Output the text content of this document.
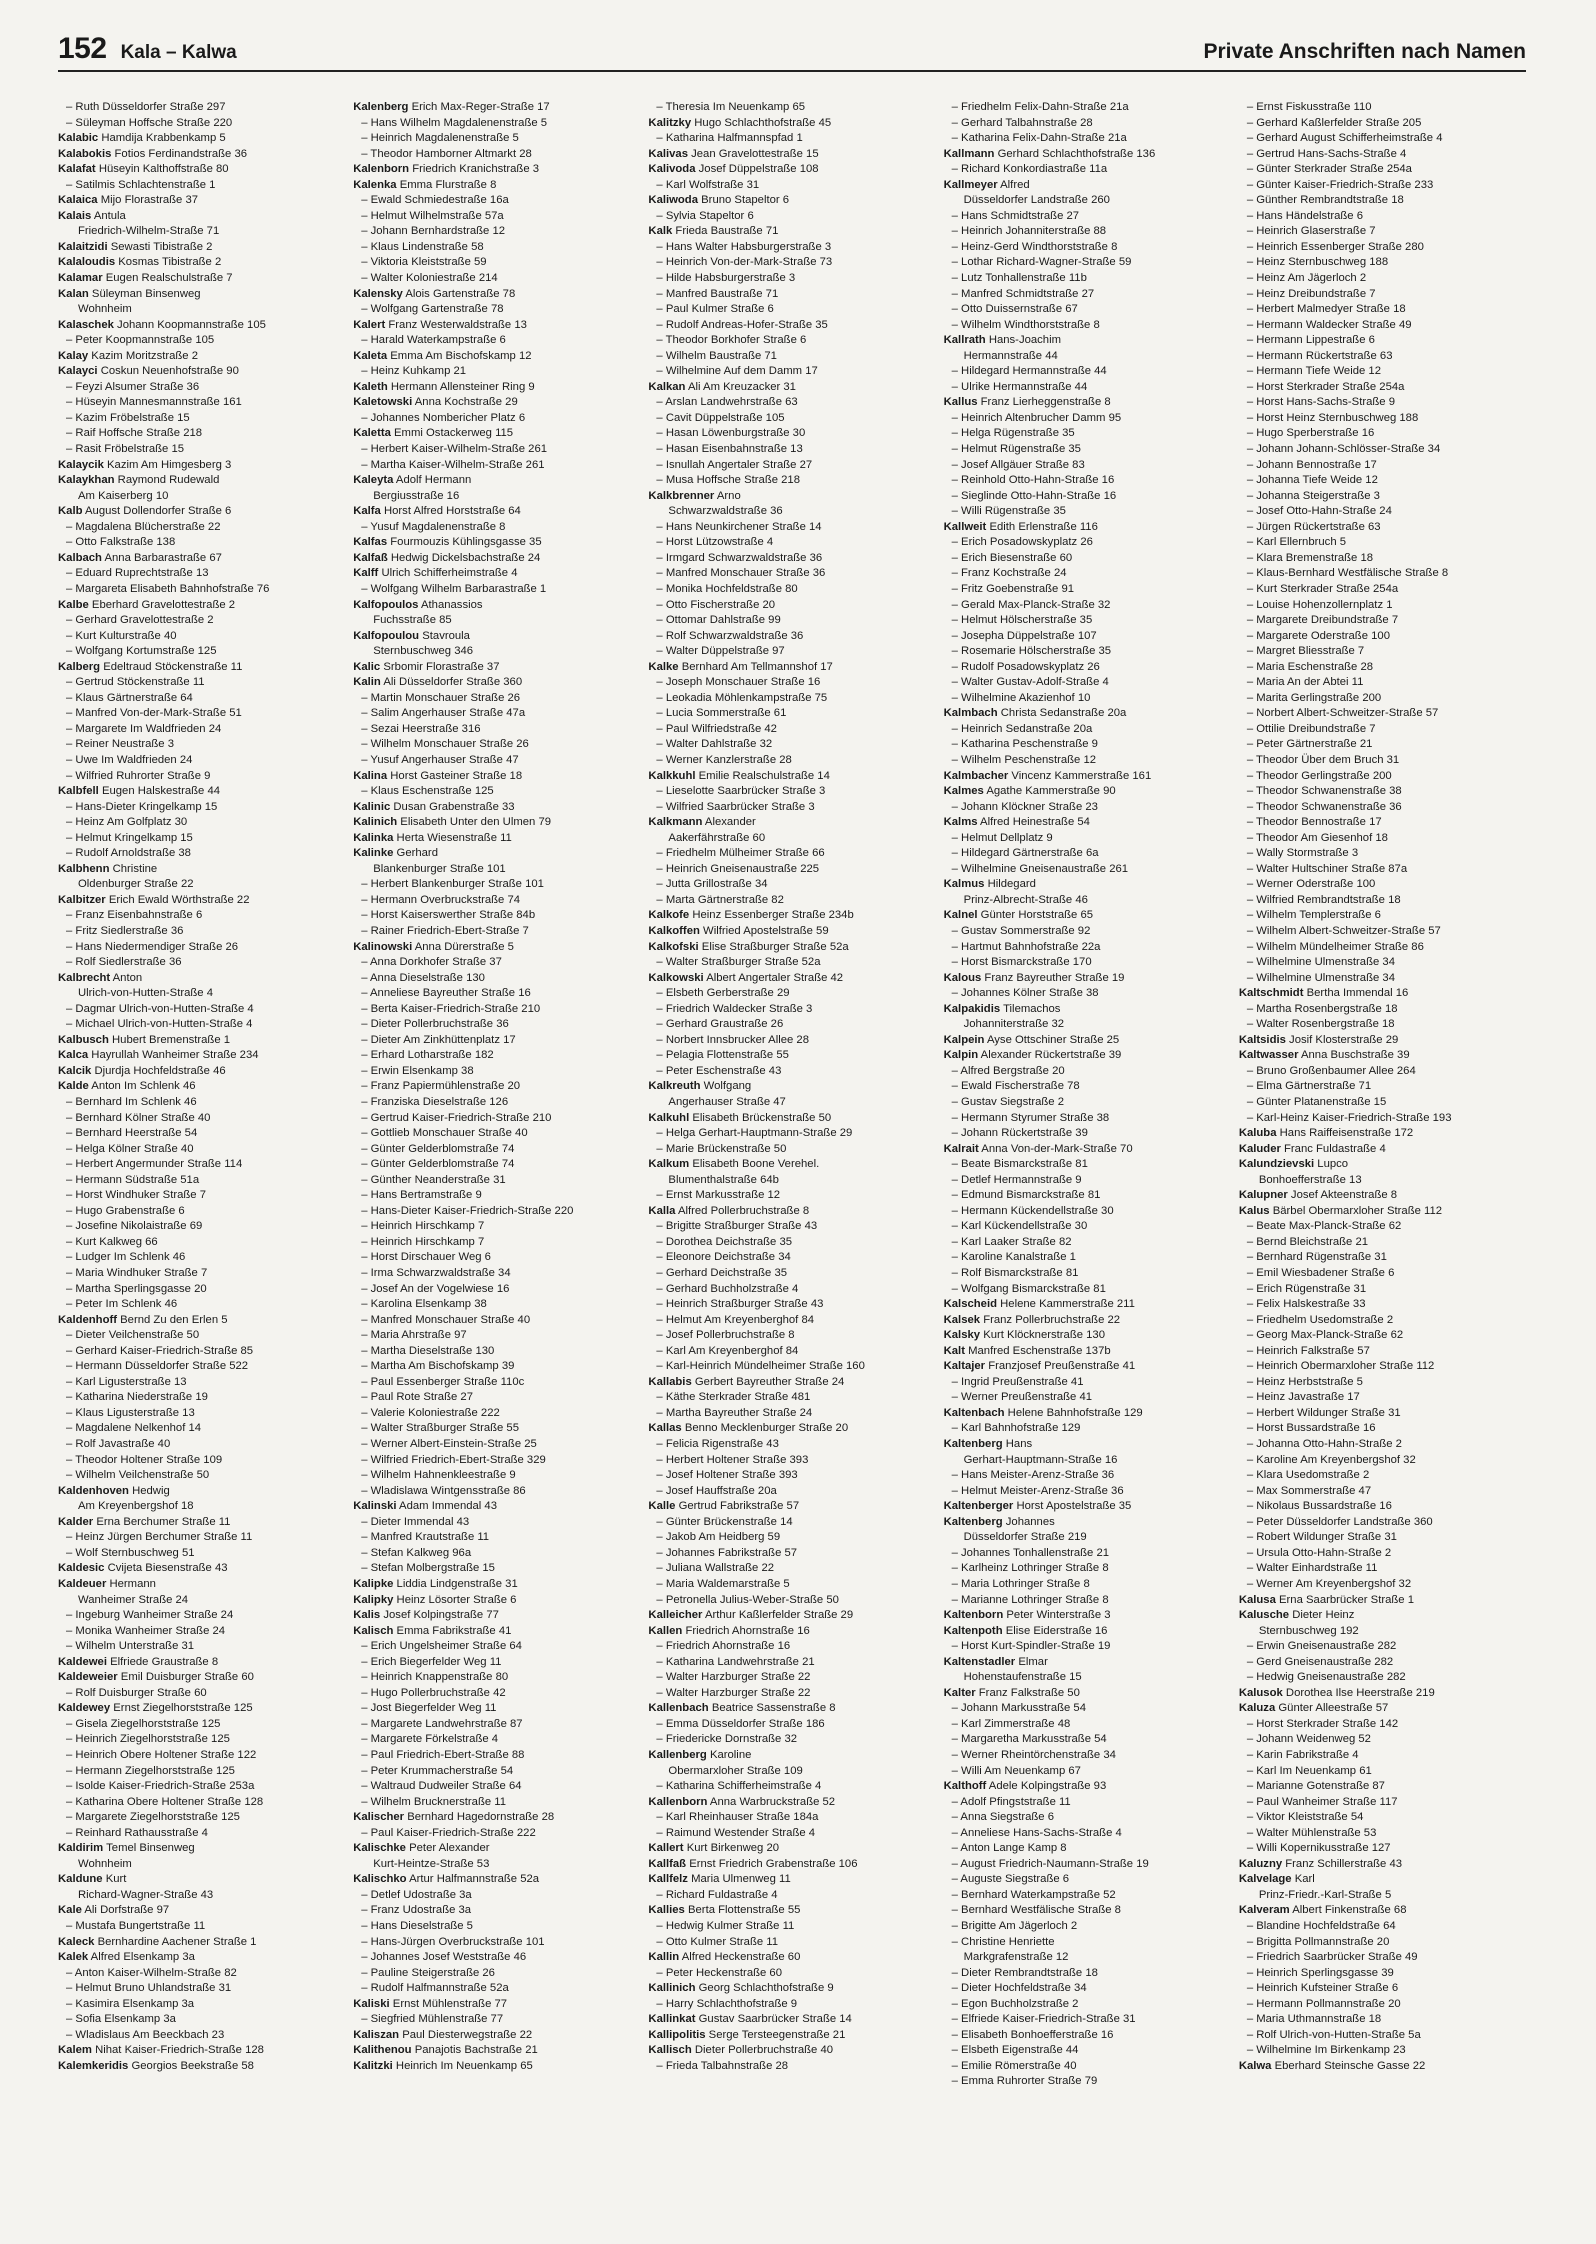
152 Kala – Kalwa	Private Anschriften nach Namen
– Ruth Düsseldorfer Straße 297
– Süleyman Hoffsche Straße 220
Kalabic Hamdija Krabbenkamp 5
Kalabokis Fotios Ferdinandstraße 36
Kalafat Hüseyin Kalthoffstraße 80
– Satilmis Schlachtenstraße 1
Kalaica Mijo Florastraße 37
Kalais Antula
Friedrich-Wilhelm-Straße 71
Kalaitzidi Sewasti Tibistraße 2
Kalaloudis Kosmas Tibistraße 2
Kalamar Eugen Realschulstraße 7
Kalan Süleyman Binsenweg
Wohnheim
Kalaschek Johann Koopmannstraße 105
– Peter Koopmannstraße 105
Kalay Kazim Moritzstraße 2
Kalayci Coskun Neuenhofstraße 90
– Feyzi Alsumer Straße 36
– Hüseyin Mannesmannstraße 161
– Kazim Fröbelstraße 15
– Raif Hoffsche Straße 218
– Rasit Fröbelstraße 15
Kalaycik Kazim Am Himgesberg 3
Kalaykhan Raymond Rudewald
Am Kaiserberg 10
Kalb August Dollendorfer Straße 6
– Magdalena Blücherstraße 22
– Otto Falkstraße 138
Kalbach Anna Barbarastraße 67
– Eduard Ruprechtstraße 13
– Margareta Elisabeth Bahnhofstraße 76
Kalbe Eberhard Gravelottestraße 2
– Gerhard Gravelottestraße 2
– Kurt Kulturstraße 40
– Wolfgang Kortumstraße 125
Kalberg Edeltraud Stöckenstraße 11
– Gertrud Stöckenstraße 11
– Klaus Gärtnerstraße 64
– Manfred Von-der-Mark-Straße 51
– Margarete Im Waldfrieden 24
– Reiner Neustraße 3
– Uwe Im Waldfrieden 24
– Wilfried Ruhrorter Straße 9
Kalbfell Eugen Halskestraße 44
– Hans-Dieter Kringelkamp 15
– Heinz Am Golfplatz 30
– Helmut Kringelkamp 15
– Rudolf Arnoldstraße 38
Kalbhenn Christine
Oldenburger Straße 22
Kalbitzer Erich Ewald Wörthstraße 22
– Franz Eisenbahnstraße 6
– Fritz Siedlerstraße 36
– Hans Niedermendiger Straße 26
– Rolf Siedlerstraße 36
Kalbrecht Anton
Ulrich-von-Hutten-Straße 4
– Dagmar Ulrich-von-Hutten-Straße 4
– Michael Ulrich-von-Hutten-Straße 4
Kalbusch Hubert Bremenstraße 1
Kalca Hayrullah Wanheimer Straße 234
Kalcik Djurdja Hochfeldstraße 46
Kalde Anton Im Schlenk 46
– Bernhard Im Schlenk 46
– Bernhard Kölner Straße 40
– Bernhard Heerstraße 54
– Helga Kölner Straße 40
– Herbert Angermunder Straße 114
– Hermann Südstraße 51a
– Horst Windhuker Straße 7
– Hugo Grabenstraße 6
– Josefine Nikolaistraße 69
– Kurt Kalkweg 66
– Ludger Im Schlenk 46
– Maria Windhuker Straße 7
– Martha Sperlingsgasse 20
– Peter Im Schlenk 46
Kaldenhoff Bernd Zu den Erlen 5
– Dieter Veilchenstraße 50
– Gerhard Kaiser-Friedrich-Straße 85
– Hermann Düsseldorfer Straße 522
– Karl Ligusterstraße 13
– Katharina Niederstraße 19
– Klaus Ligusterstraße 13
– Magdalene Nelkenhof 14
– Rolf Javastraße 40
– Theodor Holtener Straße 109
– Wilhelm Veilchenstraße 50
Kaldenhoven Hedwig
Am Kreyenbergshof 18
Kalder Erna Berchumer Straße 11
– Heinz Jürgen Berchumer Straße 11
– Wolf Sternbuschweg 51
Kaldesic Cvijeta Biesenstraße 43
Kaldeuer Hermann
Wanheimer Straße 24
– Ingeburg Wanheimer Straße 24
– Monika Wanheimer Straße 24
– Wilhelm Unterstraße 31
Kaldewei Elfriede Graustraße 8
Kaldeweier Emil Duisburger Straße 60
– Rolf Duisburger Straße 60
Kaldewey Ernst Ziegelhorststraße 125
– Gisela Ziegelhorststraße 125
– Heinrich Ziegelhorststraße 125
– Heinrich Obere Holtener Straße 122
– Hermann Ziegelhorststraße 125
– Isolde Kaiser-Friedrich-Straße 253a
– Katharina Obere Holtener Straße 128
– Margarete Ziegelhorststraße 125
– Reinhard Rathausstraße 4
Kaldirim Temel Binsenweg
Wohnheim
Kaldune Kurt
Richard-Wagner-Straße 43
Kale Ali Dorfstraße 97
– Mustafa Bungertstraße 11
Kaleck Bernhardine Aachener Straße 1
Kalek Alfred Elsenkamp 3a
– Anton Kaiser-Wilhelm-Straße 82
– Helmut Bruno Uhlandstraße 31
– Kasimira Elsenkamp 3a
– Sofia Elsenkamp 3a
– Wladislaus Am Beeckbach 23
Kalem Nihat Kaiser-Friedrich-Straße 128
Kalemkeridis Georgios Beekstraße 58
Kalenberg Erich Max-Reger-Straße 17
– Hans Wilhelm Magdalenenstraße 5
– Heinrich Magdalenenstraße 5
– Theodor Hamborner Altmarkt 28
Kalenborn Friedrich Kranichstraße 3
Kalenka Emma Flurstraße 8
– Ewald Schmiedestraße 16a
– Helmut Wilhelmstraße 57a
– Johann Bernhardstraße 12
– Klaus Lindenstraße 58
– Viktoria Kleiststraße 59
– Walter Koloniestraße 214
Kalensky Alois Gartenstraße 78
– Wolfgang Gartenstraße 78
Kalert Franz Westerwaldstraße 13
– Harald Waterkampstraße 6
Kaleta Emma Am Bischofskamp 12
– Heinz Kuhkamp 21
Kaleth Hermann Allensteiner Ring 9
Kaletowski Anna Kochstraße 29
– Johannes Nombericher Platz 6
Kaletta Emmi Ostackerweg 115
– Herbert Kaiser-Wilhelm-Straße 261
– Martha Kaiser-Wilhelm-Straße 261
Kaleyta Adolf Hermann
Bergiusstraße 16
Kalfa Horst Alfred Horststraße 64
– Yusuf Magdalenenstraße 8
Kalfas Fourmouzis Kühlingsgasse 35
Kalfaß Hedwig Dickelsbachstraße 24
Kalff Ulrich Schifferheimstraße 4
– Wolfgang Wilhelm Barbarastraße 1
Kalfopoulos Athanassios
Fuchsstraße 85
Kalfopoulou Stavroula
Sternbuschweg 346
Kalic Srbomir Florastraße 37
Kalin Ali Düsseldorfer Straße 360
– Martin Monschauer Straße 26
– Salim Angerhauser Straße 47a
– Sezai Heerstraße 316
– Wilhelm Monschauer Straße 26
– Yusuf Angerhauser Straße 47
Kalina Horst Gasteiner Straße 18
– Klaus Eschenstraße 125
Kalinic Dusan Grabenstraße 33
Kalinich Elisabeth Unter den Ulmen 79
Kalinka Herta Wiesenstraße 11
Kalinke Gerhard
Blankenburger Straße 101
– Herbert Blankenburger Straße 101
– Hermann Overbruckstraße 74
– Horst Kaiserswerther Straße 84b
– Rainer Friedrich-Ebert-Straße 7
Kalinowski Anna Dürerstraße 5
– Anna Dorkhofer Straße 37
– Anna Dieselstraße 130
– Anneliese Bayreuther Straße 16
– Berta Kaiser-Friedrich-Straße 210
– Dieter Pollerbruchstraße 36
– Dieter Am Zinkhüttenplatz 17
– Erhard Lotharstraße 182
– Erwin Elsenkamp 38
– Franz Papiermühlenstraße 20
– Franziska Dieselstraße 126
– Gertrud Kaiser-Friedrich-Straße 210
– Gottlieb Monschauer Straße 40
– Günter Gelderblomstraße 74
– Günter Gelderblomstraße 74
– Günther Neanderstraße 31
– Hans Bertramstraße 9
– Hans-Dieter Kaiser-Friedrich-Straße 220
– Heinrich Hirschkamp 7
– Heinrich Hirschkamp 7
– Horst Dirschauer Weg 6
– Irma Schwarzwaldstraße 34
– Josef An der Vogelwiese 16
– Karolina Elsenkamp 38
– Manfred Monschauer Straße 40
– Maria Ahrstraße 97
– Martha Dieselstraße 130
– Martha Am Bischofskamp 39
– Paul Essenberger Straße 110c
– Paul Rote Straße 27
– Valerie Koloniestraße 222
– Walter Straßburger Straße 55
– Werner Albert-Einstein-Straße 25
– Wilfried Friedrich-Ebert-Straße 329
– Wilhelm Hahnenkleestraße 9
– Wladislawa Wintgensstraße 86
Kalinski Adam Immendal 43
– Dieter Immendal 43
– Manfred Krautstraße 11
– Stefan Kalkweg 96a
– Stefan Molbergstraße 15
Kalipke Liddia Lindgenstraße 31
Kalipky Heinz Lösorter Straße 6
Kalis Josef Kolpingstraße 77
Kalisch Emma Fabrikstraße 41
– Erich Ungelsheimer Straße 64
– Erich Biegerfelder Weg 11
– Heinrich Knappenstraße 80
– Hugo Pollerbruchstraße 42
– Jost Biegerfelder Weg 11
– Margarete Landwehrstraße 87
– Margarete Förkelstraße 4
– Paul Friedrich-Ebert-Straße 88
– Peter Krummacherstraße 54
– Waltraud Dudweiler Straße 64
– Wilhelm Brucknerstraße 11
Kalischer Bernhard Hagedornstraße 28
– Paul Kaiser-Friedrich-Straße 222
Kalischke Peter Alexander
Kurt-Heintze-Straße 53
Kalischko Artur Halfmannstraße 52a
– Detlef Udostraße 3a
– Franz Udostraße 3a
– Hans Dieselstraße 5
– Hans-Jürgen Overbruckstraße 101
– Johannes Josef Weststraße 46
– Pauline Steigerstraße 26
– Rudolf Halfmannstraße 52a
Kaliski Ernst Mühlenstraße 77
– Siegfried Mühlenstraße 77
Kaliszan Paul Diesterwegstraße 22
Kalithenou Panajotis Bachstraße 21
Kalitzki Heinrich Im Neuenkamp 65
– Theresia Im Neuenkamp 65
Kalitzky Hugo Schlachthofstraße 45
– Katharina Halfmannspfad 1
Kalivas Jean Gravelottestraße 15
Kalivoda Josef Düppelstraße 108
– Karl Wolfstraße 31
Kaliwoda Bruno Stapeltor 6
– Sylvia Stapeltor 6
Kalk Frieda Baustraße 71
– Hans Walter Habsburgerstraße 3
– Heinrich Von-der-Mark-Straße 73
– Hilde Habsburgerstraße 3
– Manfred Baustraße 71
– Paul Kulmer Straße 6
– Rudolf Andreas-Hofer-Straße 35
– Theodor Borkhofer Straße 6
– Wilhelm Baustraße 71
– Wilhelmine Auf dem Damm 17
Kalkan Ali Am Kreuzacker 31
– Arslan Landwehrstraße 63
– Cavit Düppelstraße 105
– Hasan Löwenburgstraße 30
– Hasan Eisenbahnstraße 13
– Isnullah Angertaler Straße 27
– Musa Hoffsche Straße 218
Kalkbrenner Arno
Schwarzwaldstraße 36
– Hans Neunkirchener Straße 14
– Horst Lützowstraße 4
– Irmgard Schwarzwaldstraße 36
– Manfred Monschauer Straße 36
– Monika Hochfeldstraße 80
– Otto Fischerstraße 20
– Ottomar Dahlstraße 99
– Rolf Schwarzwaldstraße 36
– Walter Düppelstraße 97
Kalke Bernhard Am Tellmannshof 17
– Joseph Monschauer Straße 16
– Leokadia Möhlenkampstraße 75
– Lucia Sommerstraße 61
– Paul Wilfriedstraße 42
– Walter Dahlstraße 32
– Werner Kanzlerstraße 28
Kalkkuhl Emilie Realschulstraße 14
– Lieselotte Saarbrücker Straße 3
– Wilfried Saarbrücker Straße 3
Kalkmann Alexander
Aakerfährstraße 60
– Friedhelm Mülheimer Straße 66
– Heinrich Gneisenaustraße 225
– Jutta Grillostraße 34
– Marta Gärtnerstraße 82
Kalkofe Heinz Essenberger Straße 234b
Kalkoffen Wilfried Apostelstraße 59
Kalkofski Elise Straßburger Straße 52a
– Walter Straßburger Straße 52a
Kalkowski Albert Angertaler Straße 42
– Elsbeth Gerberstraße 29
– Friedrich Waldecker Straße 3
– Gerhard Graustraße 26
– Norbert Innsbrucker Allee 28
– Pelagia Flottenstraße 55
– Peter Eschenstraße 43
Kalkreuth Wolfgang
Angerhauser Straße 47
Kalkuhl Elisabeth Brückenstraße 50
– Helga Gerhart-Hauptmann-Straße 29
– Marie Brückenstraße 50
Kalkum Elisabeth Boone Verehel.
Blumenthalstraße 64b
– Ernst Markusstraße 12
Kalla Alfred Pollerbruchstraße 8
– Brigitte Straßburger Straße 43
– Dorothea Deichstraße 35
– Eleonore Deichstraße 34
– Gerhard Deichstraße 35
– Gerhard Buchholzstraße 4
– Heinrich Straßburger Straße 43
– Helmut Am Kreyenberghof 84
– Josef Pollerbruchstraße 8
– Karl Am Kreyenberghof 84
– Karl-Heinrich Mündelheimer Straße 160
Kallabis Gerbert Bayreuther Straße 24
– Käthe Sterkrader Straße 481
– Martha Bayreuther Straße 24
Kallas Benno Mecklenburger Straße 20
– Felicia Rigenstraße 43
– Herbert Holtener Straße 393
– Josef Holtener Straße 393
– Josef Hauffstraße 20a
Kalle Gertrud Fabrikstraße 57
– Günter Brückenstraße 14
– Jakob Am Heidberg 59
– Johannes Fabrikstraße 57
– Juliana Wallstraße 22
– Maria Waldemarstraße 5
– Petronella Julius-Weber-Straße 50
Kalleicher Arthur Kaßlerfelder Straße 29
Kallen Friedrich Ahornstraße 16
– Friedrich Ahornstraße 16
– Katharina Landwehrstraße 21
– Walter Harzburger Straße 22
– Walter Harzburger Straße 22
Kallenbach Beatrice Sassenstraße 8
– Emma Düsseldorfer Straße 186
– Friedericke Dornstraße 32
Kallenberg Karoline
Obermarxloher Straße 109
– Katharina Schifferheimstraße 4
Kallenborn Anna Warbruckstraße 52
– Karl Rheinhauser Straße 184a
– Raimund Westender Straße 4
Kallert Kurt Birkenweg 20
Kallfaß Ernst Friedrich Grabenstraße 106
Kallfelz Maria Ulmenweg 11
– Richard Fuldastraße 4
Kallies Berta Flottenstraße 55
– Hedwig Kulmer Straße 11
– Otto Kulmer Straße 11
Kallin Alfred Heckenstraße 60
– Peter Heckenstraße 60
Kallinich Georg Schlachthofstraße 9
– Harry Schlachthofstraße 9
Kallinkat Gustav Saarbrücker Straße 14
Kallipolitis Serge Tersteegenstraße 21
Kallisch Dieter Pollerbruchstraße 40
– Frieda Talbahnstraße 28
– Friedhelm Felix-Dahn-Straße 21a
– Gerhard Talbahnstraße 28
– Katharina Felix-Dahn-Straße 21a
Kallmann Gerhard Schlachthofstraße 136
– Richard Konkordiastraße 11a
Kallmeyer Alfred
Düsseldorfer Landstraße 260
– Hans Schmidtstraße 27
– Heinrich Johanniterstraße 88
– Heinz-Gerd Windthorststraße 8
– Lothar Richard-Wagner-Straße 59
– Lutz Tonhallenstraße 11b
– Manfred Schmidtstraße 27
– Otto Duissernstraße 67
– Wilhelm Windthorststraße 8
Kallrath Hans-Joachim
Hermannstraße 44
– Hildegard Hermannstraße 44
– Ulrike Hermannstraße 44
Kallus Franz Lierheggenstraße 8
– Heinrich Altenbrucher Damm 95
– Helga Rügenstraße 35
– Helmut Rügenstraße 35
– Josef Allgäuer Straße 83
– Reinhold Otto-Hahn-Straße 16
– Sieglinde Otto-Hahn-Straße 16
– Willi Rügenstraße 35
Kallweit Edith Erlenstraße 116
– Erich Posadowskyplatz 26
– Erich Biesenstraße 60
– Franz Kochstraße 24
– Fritz Goebenstraße 91
– Gerald Max-Planck-Straße 32
– Helmut Hölscherstraße 35
– Josepha Düppelstraße 107
– Rosemarie Hölscherstraße 35
– Rudolf Posadowskyplatz 26
– Walter Gustav-Adolf-Straße 4
– Wilhelmine Akazienhof 10
Kalmbach Christa Sedanstraße 20a
– Heinrich Sedanstraße 20a
– Katharina Peschenstraße 9
– Wilhelm Peschenstraße 12
Kalmbacher Vincenz Kammerstraße 161
Kalmes Agathe Kammerstraße 90
– Johann Klöckner Straße 23
Kalms Alfred Heinestraße 54
– Helmut Dellplatz 9
– Hildegard Gärtnerstraße 6a
– Wilhelmine Gneisenaustraße 261
Kalmus Hildegard
Prinz-Albrecht-Straße 46
Kalnel Günter Horststraße 65
– Gustav Sommerstraße 92
– Hartmut Bahnhofstraße 22a
– Horst Bismarckstraße 170
Kalous Franz Bayreuther Straße 19
– Johannes Kölner Straße 38
Kalpakidis Tilemachos
Johanniterstraße 32
Kalpein Ayse Ottschiner Straße 25
Kalpin Alexander Rückertstraße 39
– Alfred Bergstraße 20
– Ewald Fischerstraße 78
– Gustav Siegstraße 2
– Hermann Styrumer Straße 38
– Johann Rückertstraße 39
Kalrait Anna Von-der-Mark-Straße 70
– Beate Bismarckstraße 81
– Detlef Hermannstraße 9
– Edmund Bismarckstraße 81
– Hermann Kückendellstraße 30
– Karl Kückendellstraße 30
– Karl Laaker Straße 82
– Karoline Kanalstraße 1
– Rolf Bismarckstraße 81
– Wolfgang Bismarckstraße 81
Kalscheid Helene Kammerstraße 211
Kalsek Franz Pollerbruchstraße 22
Kalsky Kurt Klöcknerstraße 130
Kalt Manfred Eschenstraße 137b
Kaltajer Franzjosef Preußenstraße 41
– Ingrid Preußenstraße 41
– Werner Preußenstraße 41
Kaltenbach Helene Bahnhofstraße 129
– Karl Bahnhofstraße 129
Kaltenberg Hans
Gerhart-Hauptmann-Straße 16
– Hans Meister-Arenz-Straße 36
– Helmut Meister-Arenz-Straße 36
Kaltenberger Horst Apostelstraße 35
Kaltenberg Johannes
Düsseldorfer Straße 219
– Johannes Tonhallenstraße 21
– Karlheinz Lothringer Straße 8
– Maria Lothringer Straße 8
– Marianne Lothringer Straße 8
Kaltenborn Peter Winterstraße 3
Kaltenpoth Elise Eiderstraße 16
– Horst Kurt-Spindler-Straße 19
Kaltenstadler Elmar
Hohenstaufenstraße 15
Kalter Franz Falkstraße 50
– Johann Markusstraße 54
– Karl Zimmerstraße 48
– Margaretha Markusstraße 54
– Werner Rheintörchenstraße 34
– Willi Am Neuenkamp 67
Kalthoff Adele Kolpingstraße 93
– Adolf Pfingststraße 11
– Anna Siegstraße 6
– Anneliese Hans-Sachs-Straße 4
– Anton Lange Kamp 8
– August Friedrich-Naumann-Straße 19
– Auguste Siegstraße 6
– Bernhard Waterkampstraße 52
– Bernhard Westfälische Straße 8
– Brigitte Am Jägerloch 2
– Christine Henriette
Markgrafenstraße 12
– Dieter Rembrandtstraße 18
– Dieter Hochfeldstraße 34
– Egon Buchholzstraße 2
– Elfriede Kaiser-Friedrich-Straße 31
– Elisabeth Bonhoefferstraße 16
– Elsbeth Eigenstraße 44
– Emilie Römerstraße 40
– Emma Ruhrorter Straße 79
– Ernst Fiskusstraße 110
– Gerhard Kaßlerfelder Straße 205
– Gerhard August Schifferheimstraße 4
– Gertrud Hans-Sachs-Straße 4
– Günter Sterkrader Straße 254a
– Günter Kaiser-Friedrich-Straße 233
– Günther Rembrandtstraße 18
– Hans Händelstraße 6
– Heinrich Glaserstraße 7
– Heinrich Essenberger Straße 280
– Heinz Sternbuschweg 188
– Heinz Am Jägerloch 2
– Heinz Dreibundstraße 7
– Herbert Malmedyer Straße 18
– Hermann Waldecker Straße 49
– Hermann Lippestraße 6
– Hermann Rückertstraße 63
– Hermann Tiefe Weide 12
– Horst Sterkrader Straße 254a
– Horst Hans-Sachs-Straße 9
– Horst Heinz Sternbuschweg 188
– Hugo Sperberstraße 16
– Johann Johann-Schlösser-Straße 34
– Johann Bennostraße 17
– Johanna Tiefe Weide 12
– Johanna Steigerstraße 3
– Josef Otto-Hahn-Straße 24
– Jürgen Rückertstraße 63
– Karl Ellernbruch 5
– Klara Bremenstraße 18
– Klaus-Bernhard Westfälische Straße 8
– Kurt Sterkrader Straße 254a
– Louise Hohenzollernplatz 1
– Margarete Dreibundstraße 7
– Margarete Oderstraße 100
– Margret Bliesstraße 7
– Maria Eschenstraße 28
– Maria An der Abtei 11
– Marita Gerlingstraße 200
– Norbert Albert-Schweitzer-Straße 57
– Ottilie Dreibundstraße 7
– Peter Gärtnerstraße 21
– Theodor Über dem Bruch 31
– Theodor Gerlingstraße 200
– Theodor Schwanenstraße 38
– Theodor Schwanenstraße 36
– Theodor Bennostraße 17
– Theodor Am Giesenhof 18
– Wally Stormstraße 3
– Walter Hultschiner Straße 87a
– Werner Oderstraße 100
– Wilfried Rembrandtstraße 18
– Wilhelm Templerstraße 6
– Wilhelm Albert-Schweitzer-Straße 57
– Wilhelm Mündelheimer Straße 86
– Wilhelmine Ulmenstraße 34
– Wilhelmine Ulmenstraße 34
Kaltschmidt Bertha Immendal 16
– Martha Rosenbergstraße 18
– Walter Rosenbergstraße 18
Kaltsidis Josif Klosterstraße 29
Kaltwasser Anna Buschstraße 39
– Bruno Großenbaumer Allee 264
– Elma Gärtnerstraße 71
– Günter Platanenstraße 15
– Karl-Heinz Kaiser-Friedrich-Straße 193
Kaluba Hans Raiffeisenstraße 172
Kaluder Franc Fuldastraße 4
Kalundzievski Lupco
Bonhoefferstraße 13
Kalupner Josef Akteenstraße 8
Kalus Bärbel Obermarxloher Straße 112
– Beate Max-Planck-Straße 62
– Bernd Bleichstraße 21
– Bernhard Rügenstraße 31
– Emil Wiesbadener Straße 6
– Erich Rügenstraße 31
– Felix Halskestraße 33
– Friedhelm Usedomstraße 2
– Georg Max-Planck-Straße 62
– Heinrich Falkstraße 57
– Heinrich Obermarxloher Straße 112
– Heinz Herbststraße 5
– Heinz Javastraße 17
– Herbert Wildunger Straße 31
– Horst Bussardstraße 16
– Johanna Otto-Hahn-Straße 2
– Karoline Am Kreyenbergshof 32
– Klara Usedomstraße 2
– Max Sommerstraße 47
– Nikolaus Bussardstraße 16
– Peter Düsseldorfer Landstraße 360
– Robert Wildunger Straße 31
– Ursula Otto-Hahn-Straße 2
– Walter Einhardstraße 11
– Werner Am Kreyenbergshof 32
Kalusa Erna Saarbrücker Straße 1
Kalusche Dieter Heinz
Sternbuschweg 192
– Erwin Gneisenaustraße 282
– Gerd Gneisenaustraße 282
– Hedwig Gneisenaustraße 282
Kalusok Dorothea Ilse Heerstraße 219
Kaluza Günter Alleestraße 57
– Horst Sterkrader Straße 142
– Johann Weidenweg 52
– Karin Fabrikstraße 4
– Karl Im Neuenkamp 61
– Marianne Gotenstraße 87
– Paul Wanheimer Straße 117
– Viktor Kleiststraße 54
– Walter Mühlenstraße 53
– Willi Kopernikusstraße 127
Kaluzny Franz Schillerstraße 43
Kalvelage Karl
Prinz-Friedr.-Karl-Straße 5
Kalveram Albert Finkenstraße 68
– Blandine Hochfeldstraße 64
– Brigitta Pollmannstraße 20
– Friedrich Saarbrücker Straße 49
– Heinrich Sperlingsgasse 39
– Heinrich Kufsteiner Straße 6
– Hermann Pollmannstraße 20
– Maria Uthmannstraße 18
– Rolf Ulrich-von-Hutten-Straße 5a
– Wilhelmine Im Birkenkamp 23
Kalwa Eberhard Steinsche Gasse 22
